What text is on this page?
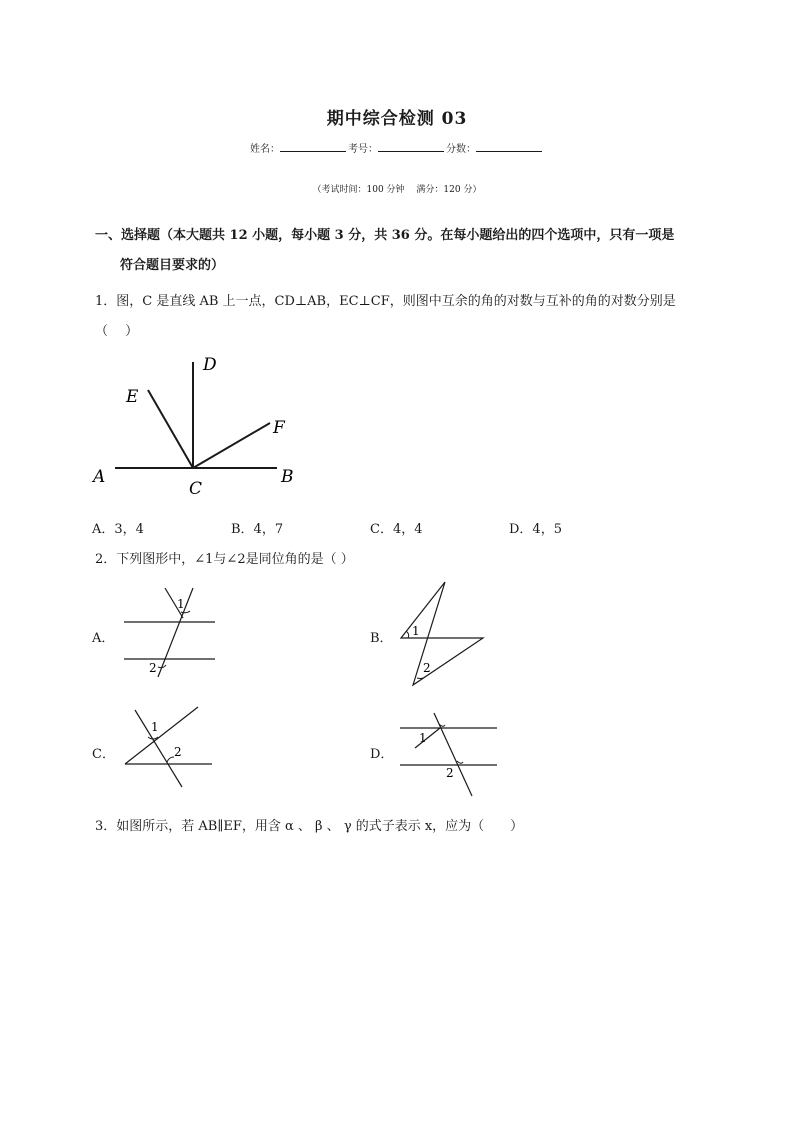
期中综合检测 03
姓名：	考号：	分数：
（考试时间：100 分钟　 满分：120 分）
一、选择题（本大题共 12 小题，每小题 3 分，共 36 分。在每小题给出的四个选项中，只有一项是
符合题目要求的）
1．图，C 是直线 AB 上一点，CD⊥AB，EC⊥CF，则图中互余的角的对数与互补的角的对数分别是
（　 ）
A	B
C
D
E
F
A．3，4	B．4，7	C．4，4	D．4，5
2．下列图形中，∠1与∠2是同位角的是（ ）
A．	B．
C．	D．
1
2
1
2
1
2
1
2
3．如图所示，若 AB∥EF，用含 α 、 β 、 γ 的式子表示 x，应为（　　）
